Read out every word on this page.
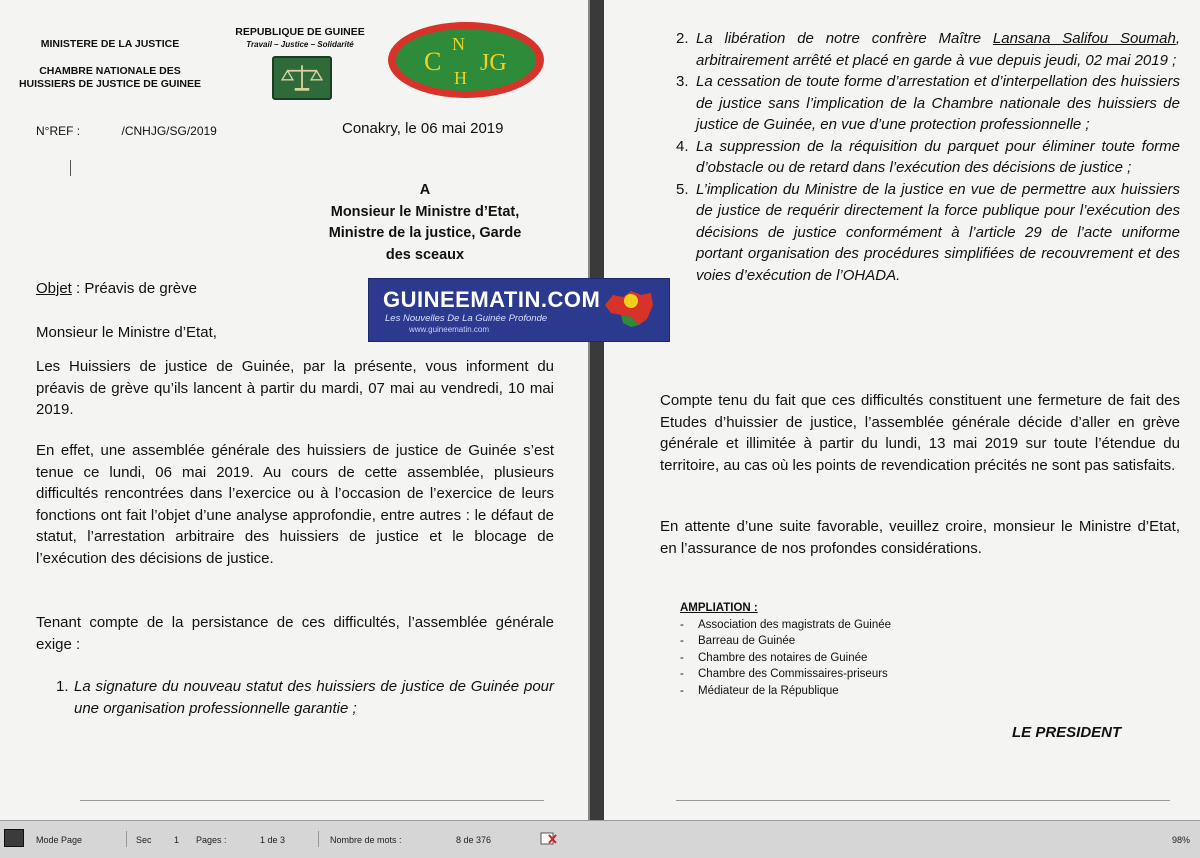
MINISTERE DE LA JUSTICE
CHAMBRE NATIONALE DES
HUISSIERS DE JUSTICE DE GUINEE
REPUBLIQUE DE GUINEE
Travail – Justice – Solidarité
C
N
H
JG
N°REF :	/CNHJG/SG/2019	Conakry, le 06 mai 2019
A
Monsieur le Ministre d’Etat,
Ministre de la justice, Garde
des sceaux
Objet : Préavis de grève
Monsieur le Ministre d’Etat,
Les Huissiers de justice de Guinée, par la présente, vous informent du préavis de grève qu’ils lancent à partir du mardi, 07 mai au vendredi, 10 mai 2019.
En effet, une assemblée générale des huissiers de justice de Guinée s’est tenue ce lundi, 06 mai 2019. Au cours de cette assemblée, plusieurs difficultés rencontrées dans l’exercice ou à l’occasion de l’exercice de leurs fonctions ont fait l’objet d’une analyse approfondie, entre autres : le défaut de statut, l’arrestation arbitraire des huissiers de justice et le blocage de l’exécution des décisions de justice.
Tenant compte de la persistance de ces difficultés, l’assemblée générale exige :
1. La signature du nouveau statut des huissiers de justice de Guinée pour une organisation professionnelle garantie ;
2. La libération de notre confrère Maître Lansana Salifou Soumah, arbitrairement arrêté et placé en garde à vue depuis jeudi, 02 mai 2019 ;
3. La cessation de toute forme d’arrestation et d’interpellation des huissiers de justice sans l’implication de la Chambre nationale des huissiers de justice de Guinée, en vue d’une protection professionnelle ;
4. La suppression de la réquisition du parquet pour éliminer toute forme d’obstacle ou de retard dans l’exécution des décisions de justice ;
5. L’implication du Ministre de la justice en vue de permettre aux huissiers de justice de requérir directement la force publique pour l’exécution des décisions de justice conformément à l’article 29 de l’acte uniforme portant organisation des procédures simplifiées de recouvrement et des voies d’exécution de l’OHADA.
Compte tenu du fait que ces difficultés constituent une fermeture de fait des Etudes d’huissier de justice, l’assemblée générale décide d’aller en grève générale et illimitée à partir du lundi, 13 mai 2019 sur toute l’étendue du territoire, au cas où les points de revendication précités ne sont pas satisfaits.
En attente d’une suite favorable, veuillez croire, monsieur le Ministre d’Etat, en l’assurance de nos profondes considérations.
AMPLIATION :
- Association des magistrats de Guinée
- Barreau de Guinée
- Chambre des notaires de Guinée
- Chambre des Commissaires-priseurs
- Médiateur de la République
LE PRESIDENT
GUINEEMATIN.COM
Les Nouvelles De La Guinée Profonde
www.guineematin.com
Mode Page	Sec 1 Pages :	1 de 3	Nombre de mots :	8 de 376	98%
